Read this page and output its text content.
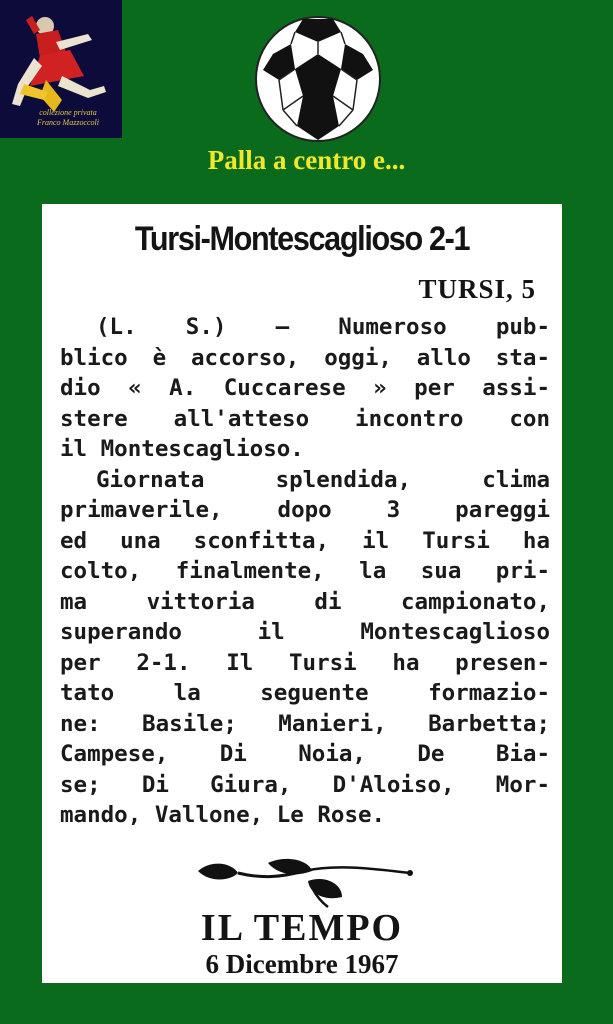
collezione privata
Franco Mazzoccoli
Palla a centro e...
Tursi-Montescaglioso 2-1
TURSI, 5
(L. S.) — Numeroso pub-
blico è accorso, oggi, allo sta-
dio « A. Cuccarese » per assi-
stere all'atteso incontro con
il Montescaglioso.
Giornata splendida, clima
primaverile, dopo 3 pareggi
ed una sconfitta, il Tursi ha
colto, finalmente, la sua pri-
ma vittoria di campionato,
superando il Montescaglioso
per 2-1. Il Tursi ha presen-
tato la seguente formazio-
ne: Basile; Manieri, Barbetta;
Campese, Di Noia, De Bia-
se; Di Giura, D'Aloiso, Mor-
mando, Vallone, Le Rose.
IL TEMPO
6 Dicembre 1967
